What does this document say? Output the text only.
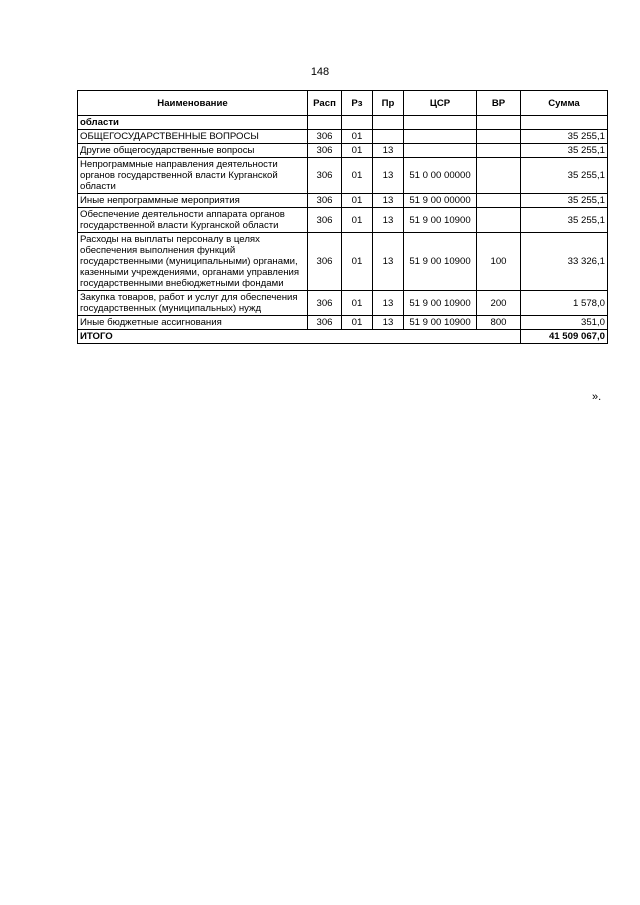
148
Наименование	Расп	Рз	Пр	ЦСР	ВР	Сумма
области						
ОБЩЕГОСУДАРСТВЕННЫЕ ВОПРОСЫ	306	01				35 255,1
Другие общегосударственные вопросы	306	01	13			35 255,1
Непрограммные направления деятельности органов государственной власти Курганской области	306	01	13	51 0 00 00000		35 255,1
Иные непрограммные мероприятия	306	01	13	51 9 00 00000		35 255,1
Обеспечение деятельности аппарата органов государственной власти Курганской области	306	01	13	51 9 00 10900		35 255,1
Расходы на выплаты персоналу в целях обеспечения выполнения функций государственными (муниципальными) органами, казенными учреждениями, органами управления государственными внебюджетными фондами	306	01	13	51 9 00 10900	100	33 326,1
Закупка товаров, работ и услуг для обеспечения государственных (муниципальных) нужд	306	01	13	51 9 00 10900	200	1 578,0
Иные бюджетные ассигнования	306	01	13	51 9 00 10900	800	351,0
ИТОГО						41 509 067,0
».
